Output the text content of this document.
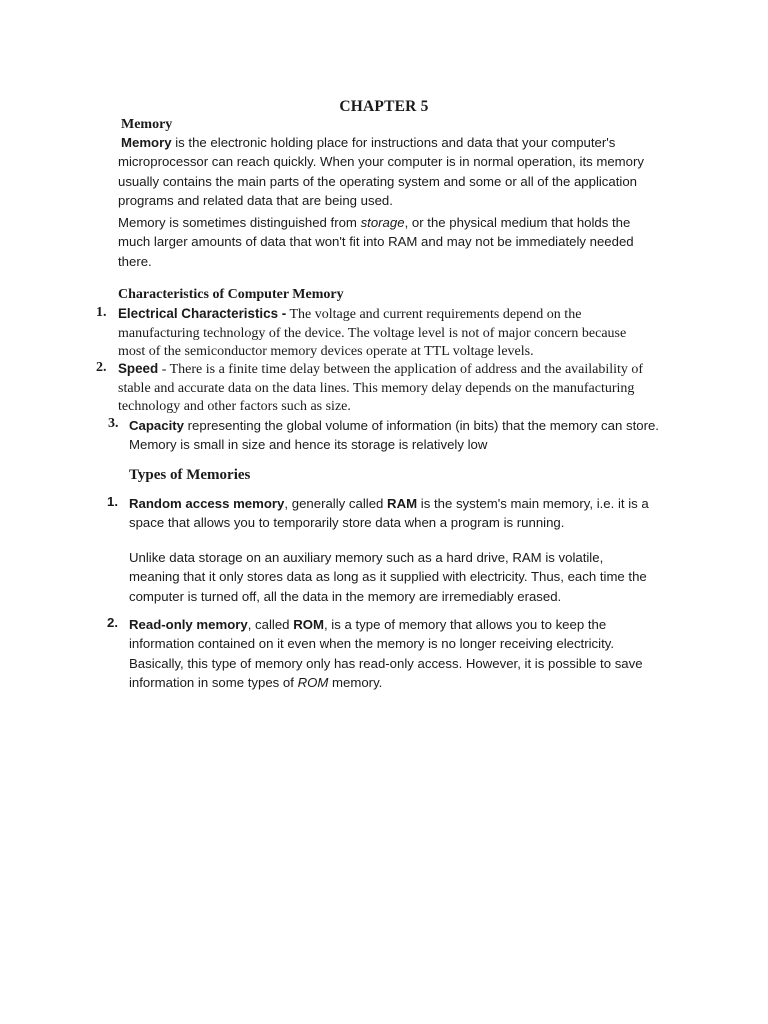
CHAPTER 5
Memory

Memory is the electronic holding place for instructions and data that your computer's microprocessor can reach quickly. When your computer is in normal operation, its memory usually contains the main parts of the operating system and some or all of the application programs and related data that are being used.

Memory is sometimes distinguished from storage, or the physical medium that holds the much larger amounts of data that won't fit into RAM and may not be immediately needed there.

Characteristics of Computer Memory
1. Electrical Characteristics - The voltage and current requirements depend on the manufacturing technology of the device. The voltage level is not of major concern because most of the semiconductor memory devices operate at TTL voltage levels.

2. Speed - There is a finite time delay between the application of address and the availability of stable and accurate data on the data lines. This memory delay depends on the manufacturing technology and other factors such as size.

3. Capacity representing the global volume of information (in bits) that the memory can store. Memory is small in size and hence its storage is relatively low

Types of Memories
1. Random access memory, generally called RAM is the system's main memory, i.e. it is a space that allows you to temporarily store data when a program is running.

Unlike data storage on an auxiliary memory such as a hard drive, RAM is volatile, meaning that it only stores data as long as it supplied with electricity. Thus, each time the computer is turned off, all the data in the memory are irremediably erased.

2. Read-only memory, called ROM, is a type of memory that allows you to keep the information contained on it even when the memory is no longer receiving electricity. Basically, this type of memory only has read-only access. However, it is possible to save information in some types of ROM memory.
